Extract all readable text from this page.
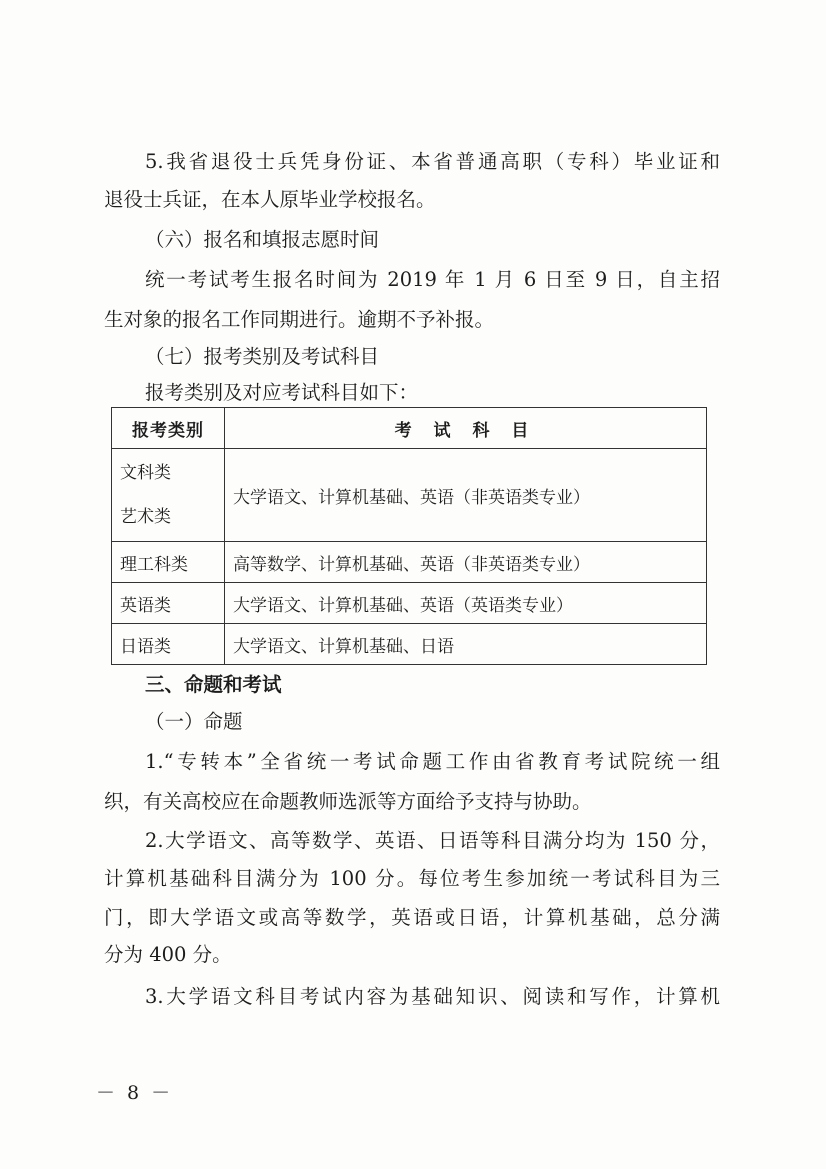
5.我省退役士兵凭身份证、本省普通高职（专科）毕业证和

退役士兵证，在本人原毕业学校报名。

（六）报名和填报志愿时间

统一考试考生报名时间为 2019 年 1 月 6 日至 9 日，自主招

生对象的报名工作同期进行。逾期不予补报。

（七）报考类别及考试科目

报考类别及对应考试科目如下：

报考类别	考 试 科 目

文科类
艺术类	大学语文、计算机基础、英语（非英语类专业）
理工科类	高等数学、计算机基础、英语（非英语类专业）
英语类	大学语文、计算机基础、英语（英语类专业）
日语类	大学语文、计算机基础、日语

三、命题和考试

（一）命题

1.“专转本”全省统一考试命题工作由省教育考试院统一组

织，有关高校应在命题教师选派等方面给予支持与协助。

2.大学语文、高等数学、英语、日语等科目满分均为 150 分，

计算机基础科目满分为 100 分。每位考生参加统一考试科目为三

门，即大学语文或高等数学，英语或日语，计算机基础，总分满

分为 400 分。

3.大学语文科目考试内容为基础知识、阅读和写作，计算机

－ 8 －
